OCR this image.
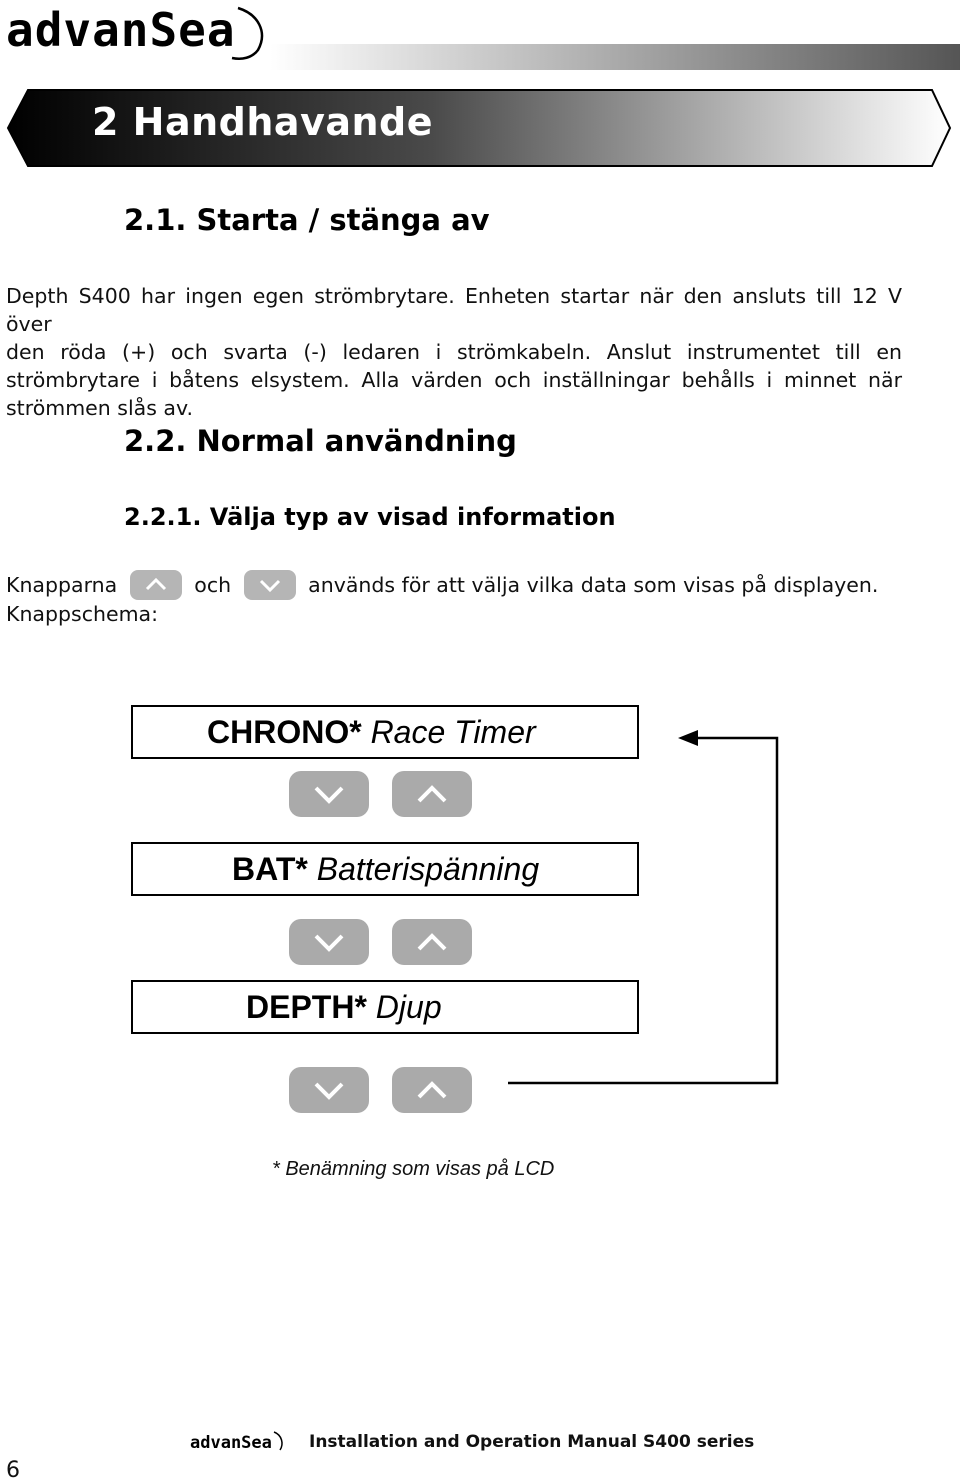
advanSea
2 Handhavande
2.1. Starta / stänga av
Depth S400 har ingen egen strömbrytare. Enheten startar när den ansluts till 12 V över
den röda (+) och svarta (-) ledaren i strömkabeln. Anslut instrumentet till en
strömbrytare i båtens elsystem. Alla värden och inställningar behålls i minnet när
strömmen slås av.
2.2. Normal användning
2.2.1. Välja typ av visad information
Knapparna	och	används för att välja vilka data som visas på displayen.
Knappschema:
CHRONO* Race Timer
BAT* Batterispänning
DEPTH* Djup
* Benämning som visas på LCD
advanSea Installation and Operation Manual S400 series
6
